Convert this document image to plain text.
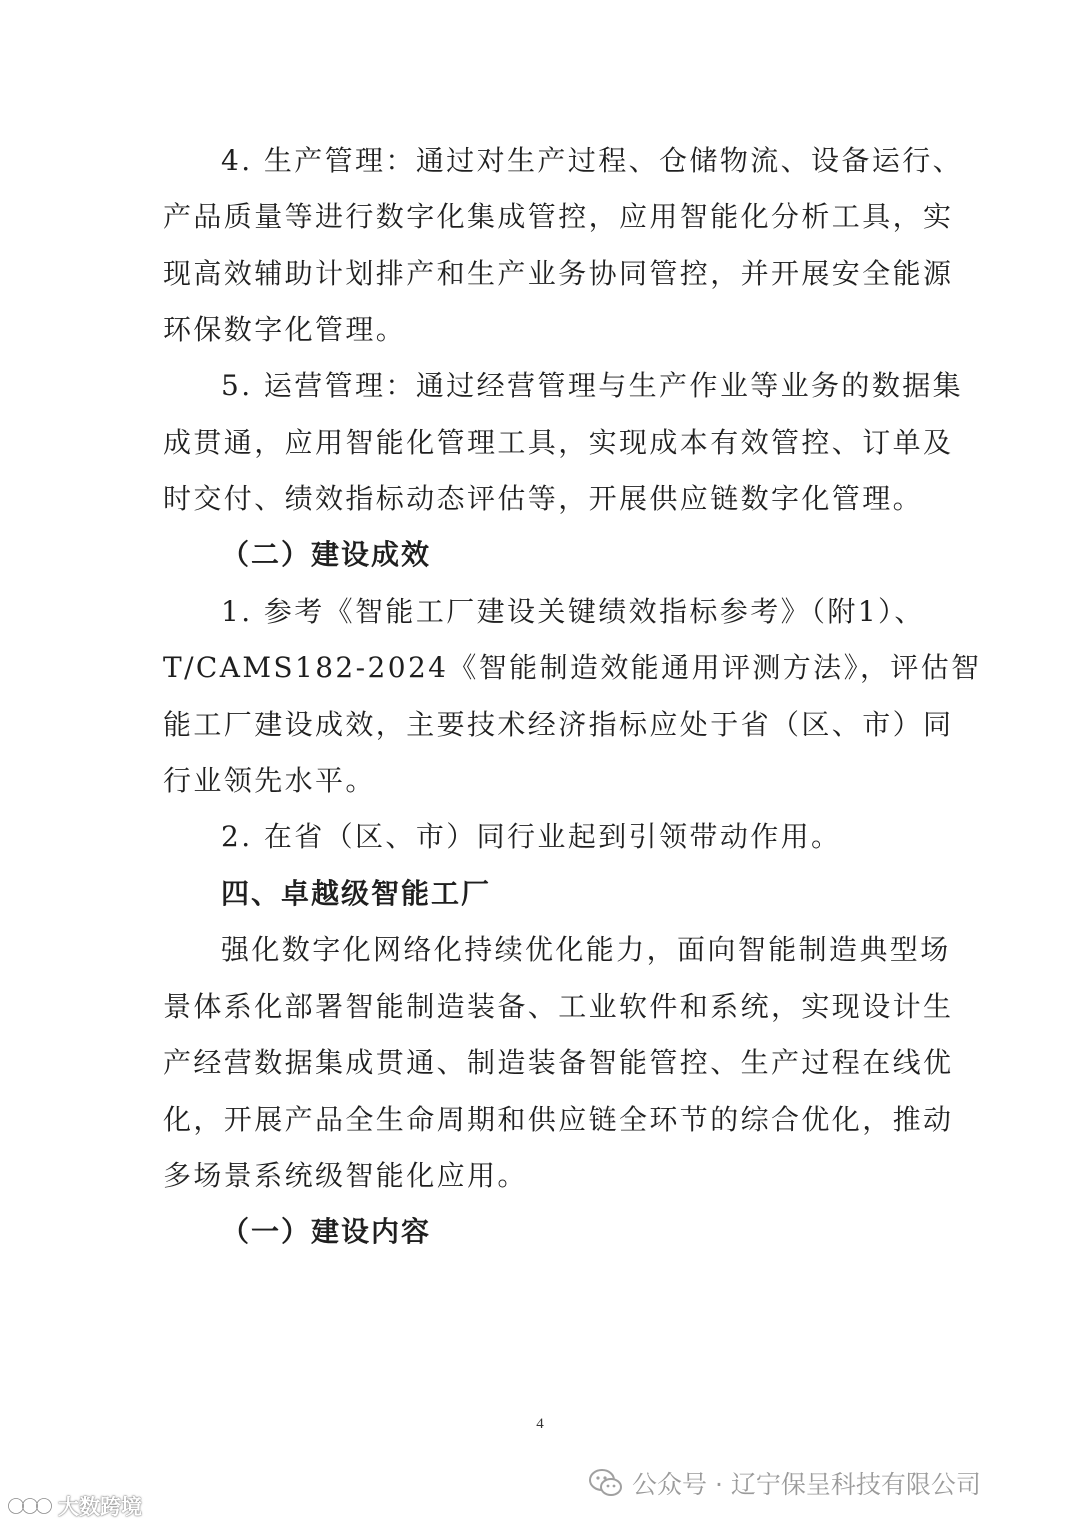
4. 生产管理：通过对生产过程、仓储物流、设备运行、
产品质量等进行数字化集成管控，应用智能化分析工具，实
现高效辅助计划排产和生产业务协同管控，并开展安全能源
环保数字化管理。
5. 运营管理：通过经营管理与生产作业等业务的数据集
成贯通，应用智能化管理工具，实现成本有效管控、订单及
时交付、绩效指标动态评估等，开展供应链数字化管理。
（二）建设成效
1. 参考《智能工厂建设关键绩效指标参考》（附1）、
T/CAMS182-2024《智能制造效能通用评测方法》，评估智
能工厂建设成效，主要技术经济指标应处于省（区、市）同
行业领先水平。
2. 在省（区、市）同行业起到引领带动作用。
四、卓越级智能工厂
强化数字化网络化持续优化能力，面向智能制造典型场
景体系化部署智能制造装备、工业软件和系统，实现设计生
产经营数据集成贯通、制造装备智能管控、生产过程在线优
化，开展产品全生命周期和供应链全环节的综合优化，推动
多场景系统级智能化应用。
（一）建设内容
4
公众号 · 辽宁保呈科技有限公司
大数跨境
